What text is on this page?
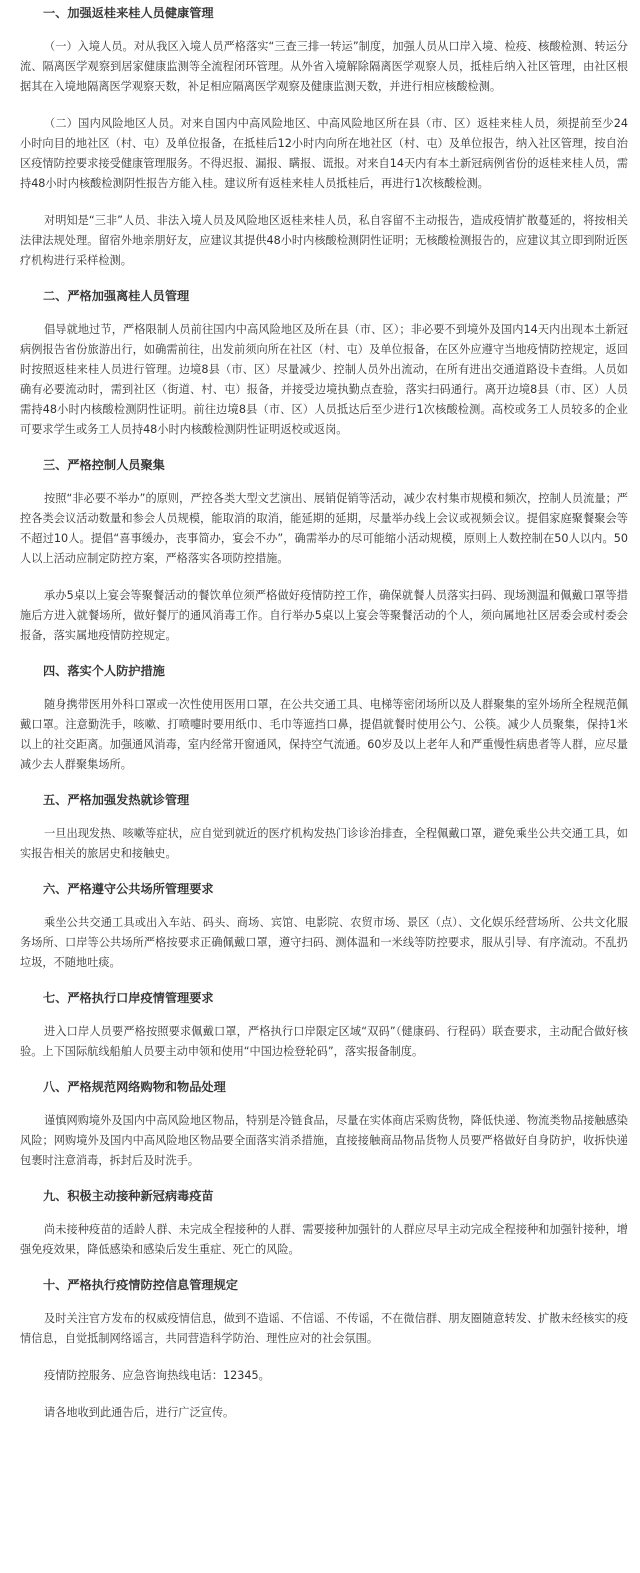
一、加强返桂来桂人员健康管理

（一）入境人员。对从我区入境人员严格落实“三查三排一转运”制度，加强人员从口岸入境、检疫、核酸检测、转运分流、隔离医学观察到居家健康监测等全流程闭环管理。从外省入境解除隔离医学观察人员，抵桂后纳入社区管理，由社区根据其在入境地隔离医学观察天数，补足相应隔离医学观察及健康监测天数，并进行相应核酸检测。

（二）国内风险地区人员。对来自国内中高风险地区、中高风险地区所在县（市、区）返桂来桂人员，须提前至少24小时向目的地社区（村、屯）及单位报备，在抵桂后12小时内向所在地社区（村、屯）及单位报告，纳入社区管理，按自治区疫情防控要求接受健康管理服务。不得迟报、漏报、瞒报、谎报。对来自14天内有本土新冠病例省份的返桂来桂人员，需持48小时内核酸检测阴性报告方能入桂。建议所有返桂来桂人员抵桂后，再进行1次核酸检测。

对明知是“三非”人员、非法入境人员及风险地区返桂来桂人员，私自容留不主动报告，造成疫情扩散蔓延的，将按相关法律法规处理。留宿外地亲朋好友，应建议其提供48小时内核酸检测阴性证明；无核酸检测报告的，应建议其立即到附近医疗机构进行采样检测。

二、严格加强离桂人员管理

倡导就地过节，严格限制人员前往国内中高风险地区及所在县（市、区）；非必要不到境外及国内14天内出现本土新冠病例报告省份旅游出行，如确需前往，出发前须向所在社区（村、屯）及单位报备，在区外应遵守当地疫情防控规定，返回时按照返桂来桂人员进行管理。边境8县（市、区）尽量减少、控制人员外出流动，在所有进出交通道路设卡查缉。人员如确有必要流动时，需到社区（街道、村、屯）报备，并接受边境执勤点查验，落实扫码通行。离开边境8县（市、区）人员需持48小时内核酸检测阴性证明。前往边境8县（市、区）人员抵达后至少进行1次核酸检测。高校或务工人员较多的企业可要求学生或务工人员持48小时内核酸检测阴性证明返校或返岗。

三、严格控制人员聚集

按照“非必要不举办”的原则，严控各类大型文艺演出、展销促销等活动，减少农村集市规模和频次，控制人员流量；严控各类会议活动数量和参会人员规模，能取消的取消，能延期的延期，尽量举办线上会议或视频会议。提倡家庭聚餐聚会等不超过10人。提倡“喜事缓办，丧事简办，宴会不办”，确需举办的尽可能缩小活动规模，原则上人数控制在50人以内。50人以上活动应制定防控方案，严格落实各项防控措施。

承办5桌以上宴会等聚餐活动的餐饮单位须严格做好疫情防控工作，确保就餐人员落实扫码、现场测温和佩戴口罩等措施后方进入就餐场所，做好餐厅的通风消毒工作。自行举办5桌以上宴会等聚餐活动的个人，须向属地社区居委会或村委会报备，落实属地疫情防控规定。

四、落实个人防护措施

随身携带医用外科口罩或一次性使用医用口罩，在公共交通工具、电梯等密闭场所以及人群聚集的室外场所全程规范佩戴口罩。注意勤洗手，咳嗽、打喷嚏时要用纸巾、毛巾等遮挡口鼻，提倡就餐时使用公勺、公筷。减少人员聚集，保持1米以上的社交距离。加强通风消毒，室内经常开窗通风，保持空气流通。60岁及以上老年人和严重慢性病患者等人群，应尽量减少去人群聚集场所。

五、严格加强发热就诊管理

一旦出现发热、咳嗽等症状，应自觉到就近的医疗机构发热门诊诊治排查，全程佩戴口罩，避免乘坐公共交通工具，如实报告相关的旅居史和接触史。

六、严格遵守公共场所管理要求

乘坐公共交通工具或出入车站、码头、商场、宾馆、电影院、农贸市场、景区（点）、文化娱乐经营场所、公共文化服务场所、口岸等公共场所严格按要求正确佩戴口罩，遵守扫码、测体温和一米线等防控要求，服从引导、有序流动。不乱扔垃圾，不随地吐痰。

七、严格执行口岸疫情管理要求

进入口岸人员要严格按照要求佩戴口罩，严格执行口岸限定区域“双码”（健康码、行程码）联查要求，主动配合做好核验。上下国际航线船舶人员要主动申领和使用“中国边检登轮码”，落实报备制度。

八、严格规范网络购物和物品处理

谨慎网购境外及国内中高风险地区物品，特别是冷链食品，尽量在实体商店采购货物，降低快递、物流类物品接触感染风险；网购境外及国内中高风险地区物品要全面落实消杀措施，直接接触商品物品货物人员要严格做好自身防护，收拆快递包裹时注意消毒，拆封后及时洗手。

九、积极主动接种新冠病毒疫苗

尚未接种疫苗的适龄人群、未完成全程接种的人群、需要接种加强针的人群应尽早主动完成全程接种和加强针接种，增强免疫效果，降低感染和感染后发生重症、死亡的风险。

十、严格执行疫情防控信息管理规定

及时关注官方发布的权威疫情信息，做到不造谣、不信谣、不传谣，不在微信群、朋友圈随意转发、扩散未经核实的疫情信息，自觉抵制网络谣言，共同营造科学防治、理性应对的社会氛围。

疫情防控服务、应急咨询热线电话：12345。

请各地收到此通告后，进行广泛宣传。
